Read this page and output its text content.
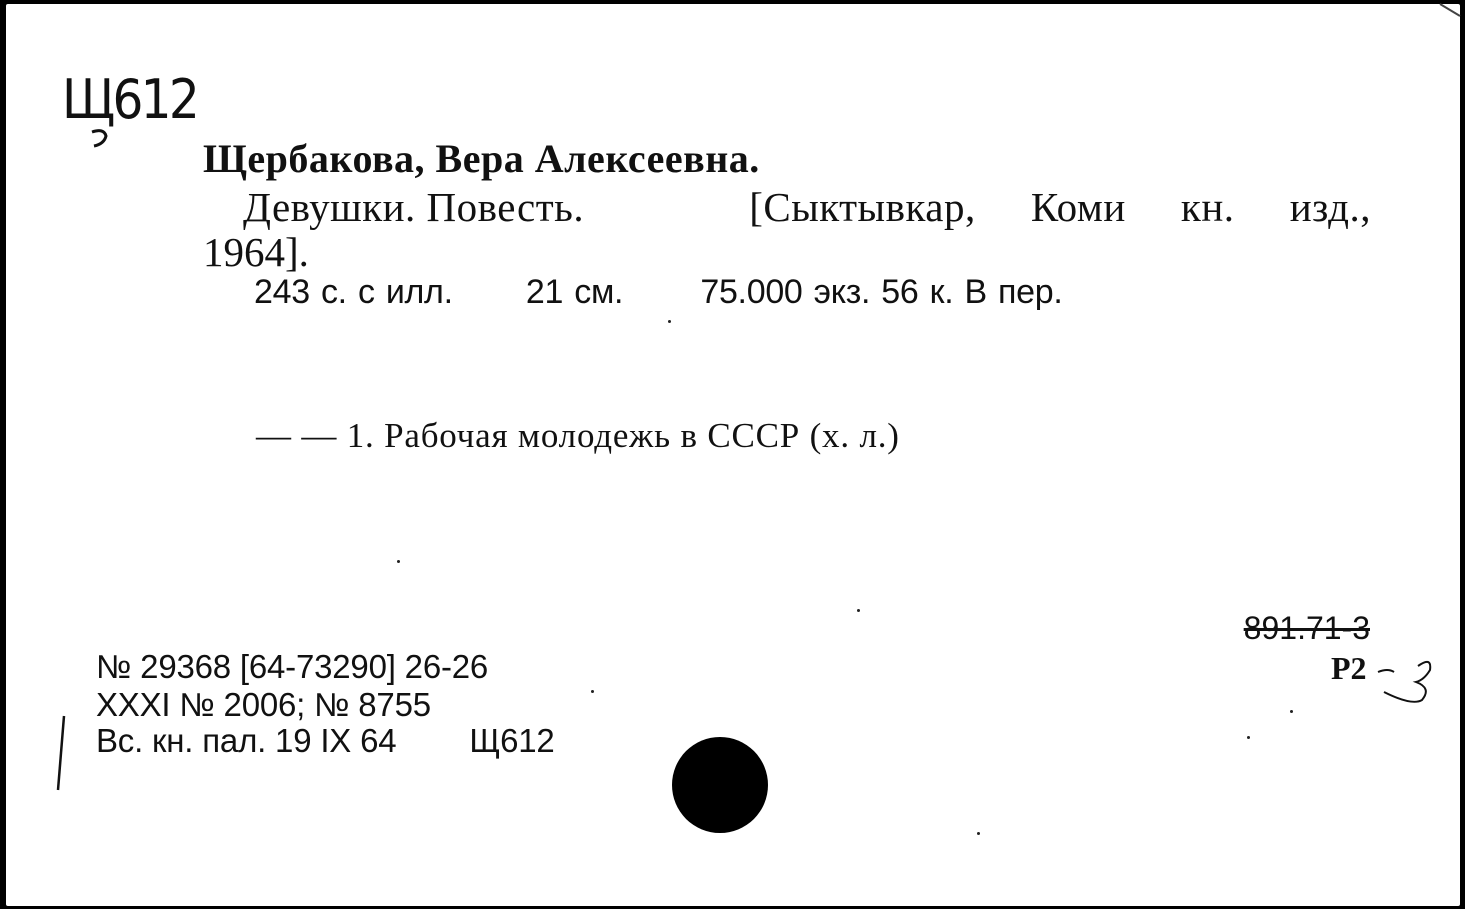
Щ612
Щербакова, Вера Алексеевна.
Девушки. Повесть.	[Сыктывкар, Коми кн. изд.,
1964].
243 с. с илл. 21 см. 75.000 экз. 56 к. В пер.
— — 1. Рабочая молодежь в СССР (х. л.)
№ 29368 [64-73290] 26-26
XXXI № 2006; № 8755
Вс. кн. пал. 19 IX 64 Щ612
891.71-3
Р2
